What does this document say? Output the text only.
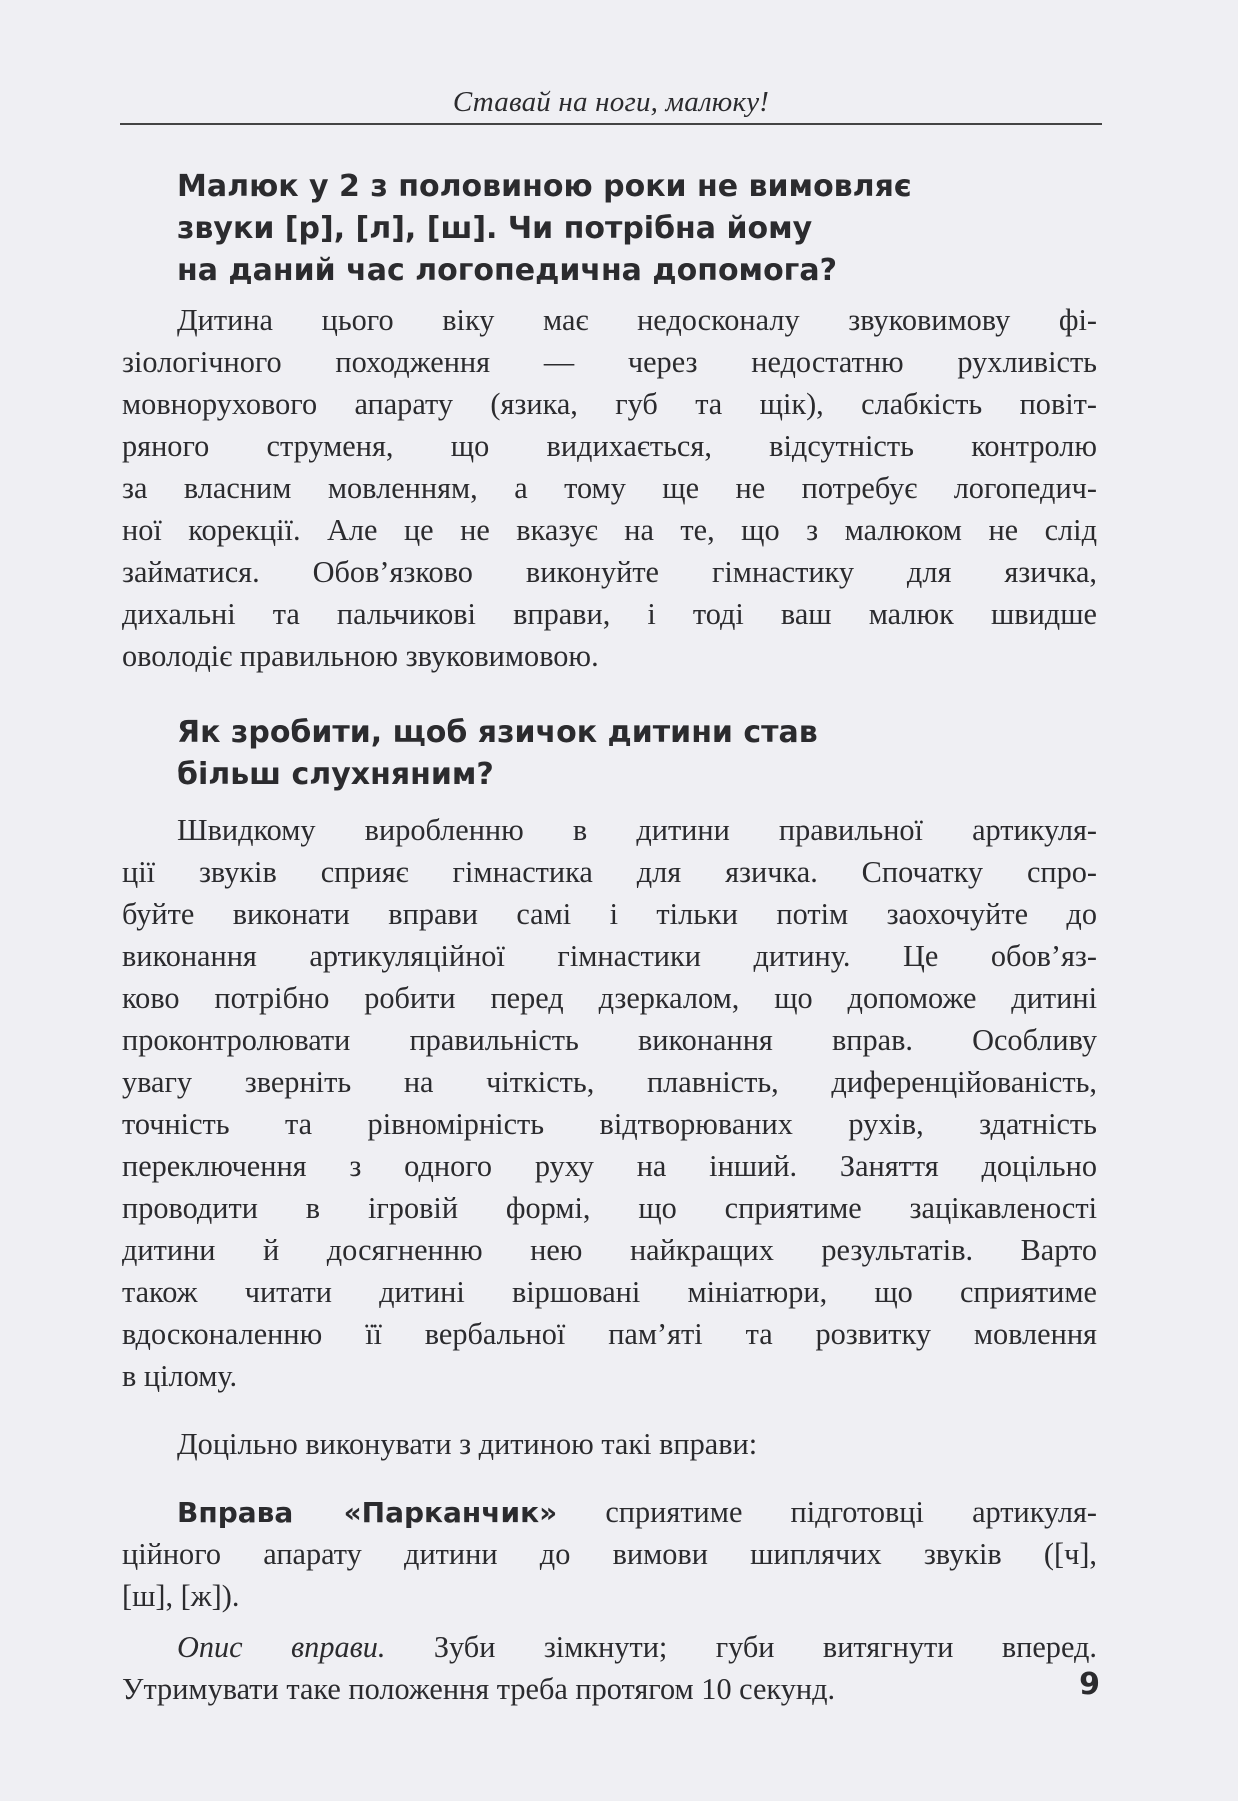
Ставай на ноги, малюку!
Малюк у 2 з половиною роки не вимовляє
звуки [р], [л], [ш]. Чи потрібна йому
на даний час логопедична допомога?
Дитина цього віку має недосконалу звуковимову фі-
зіологічного походження — через недостатню рухливість
мовнорухового апарату (язика, губ та щік), слабкість повіт-
ряного струменя, що видихається, відсутність контролю
за власним мовленням, а тому ще не потребує логопедич-
ної корекції. Але це не вказує на те, що з малюком не слід
займатися. Обов’язково виконуйте гімнастику для язичка,
дихальні та пальчикові вправи, і тоді ваш малюк швидше
оволодіє правильною звуковимовою.
Як зробити, щоб язичок дитини став
більш слухняним?
Швидкому виробленню в дитини правильної артикуля-
ції звуків сприяє гімнастика для язичка. Спочатку спро-
буйте виконати вправи самі і тільки потім заохочуйте до
виконання артикуляційної гімнастики дитину. Це обов’яз-
ково потрібно робити перед дзеркалом, що допоможе дитині
проконтролювати правильність виконання вправ. Особливу
увагу зверніть на чіткість, плавність, диференційованість,
точність та рівномірність відтворюваних рухів, здатність
переключення з одного руху на інший. Заняття доцільно
проводити в ігровій формі, що сприятиме зацікавленості
дитини й досягненню нею найкращих результатів. Варто
також читати дитині віршовані мініатюри, що сприятиме
вдосконаленню її вербальної пам’яті та розвитку мовлення
в цілому.
Доцільно виконувати з дитиною такі вправи:
Вправа «Парканчик» сприятиме підготовці артикуля-
ційного апарату дитини до вимови шиплячих звуків ([ч],
[ш], [ж]).
Опис вправи. Зуби зімкнути; губи витягнути вперед.
Утримувати таке положення треба протягом 10 секунд.	9
